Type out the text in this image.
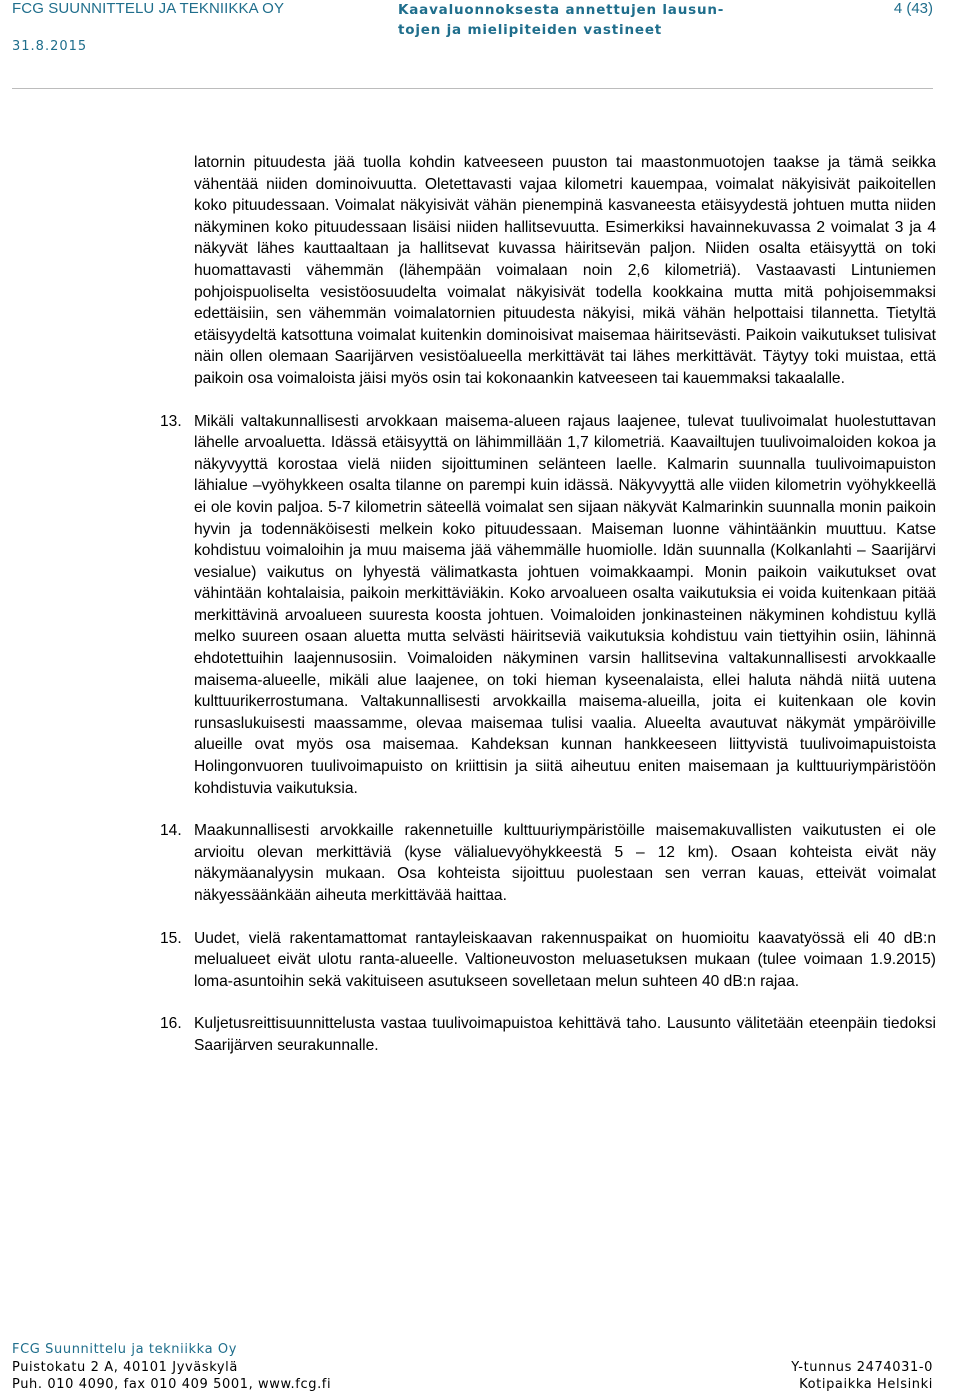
FCG SUUNNITTELU JA TEKNIIKKA OY
31.8.2015
Kaavaluonnoksesta annettujen lausun-
tojen ja mielipiteiden vastineet
4 (43)

latornin pituudesta jää tuolla kohdin katveeseen puuston tai maastonmuotojen taakse ja tämä seikka vähentää niiden dominoivuutta. Oletettavasti vajaa kilometri kauempaa, voimalat näkyisivät paikoitellen koko pituudessaan. Voimalat näkyisivät vähän pienempinä kasvaneesta etäisyydestä johtuen mutta niiden näkyminen koko pituudessaan lisäisi niiden hallitsevuutta. Esimerkiksi havainnekuvassa 2 voimalat 3 ja 4 näkyvät lähes kauttaaltaan ja hallitsevat kuvassa häiritsevän paljon. Niiden osalta etäisyyttä on toki huomattavasti vähemmän (lähempään voimalaan noin 2,6 kilometriä). Vastaavasti Lintuniemen pohjoispuoliselta vesistöosuudelta voimalat näkyisivät todella kookkaina mutta mitä pohjoisemmaksi edettäisiin, sen vähemmän voimalatornien pituudesta näkyisi, mikä vähän helpottaisi tilannetta. Tietyltä etäisyydeltä katsottuna voimalat kuitenkin dominoisivat maisemaa häiritsevästi. Paikoin vaikutukset tulisivat näin ollen olemaan Saarijärven vesistöalueella merkittävät tai lähes merkittävät. Täytyy toki muistaa, että paikoin osa voimaloista jäisi myös osin tai kokonaankin katveeseen tai kauemmaksi takaalalle.

13. Mikäli valtakunnallisesti arvokkaan maisema-alueen rajaus laajenee, tulevat tuulivoimalat huolestuttavan lähelle arvoaluetta. Idässä etäisyyttä on lähimmillään 1,7 kilometriä. Kaavailtujen tuulivoimaloiden kokoa ja näkyvyyttä korostaa vielä niiden sijoittuminen selänteen laelle. Kalmarin suunnalla tuulivoimapuiston lähialue –vyöhykkeen osalta tilanne on parempi kuin idässä. Näkyvyyttä alle viiden kilometrin vyöhykkeellä ei ole kovin paljoa. 5-7 kilometrin säteellä voimalat sen sijaan näkyvät Kalmarinkin suunnalla monin paikoin hyvin ja todennäköisesti melkein koko pituudessaan. Maiseman luonne vähintäänkin muuttuu. Katse kohdistuu voimaloihin ja muu maisema jää vähemmälle huomiolle. Idän suunnalla (Kolkanlahti – Saarijärvi vesialue) vaikutus on lyhyestä välimatkasta johtuen voimakkaampi. Monin paikoin vaikutukset ovat vähintään kohtalaisia, paikoin merkittäviäkin. Koko arvoalueen osalta vaikutuksia ei voida kuitenkaan pitää merkittävinä arvoalueen suuresta koosta johtuen. Voimaloiden jonkinasteinen näkyminen kohdistuu kyllä melko suureen osaan aluetta mutta selvästi häiritseviä vaikutuksia kohdistuu vain tiettyihin osiin, lähinnä ehdotettuihin laajennusosiin. Voimaloiden näkyminen varsin hallitsevina valtakunnallisesti arvokkaalle maisema-alueelle, mikäli alue laajenee, on toki hieman kyseenalaista, ellei haluta nähdä niitä uutena kulttuurikerrostumana. Valtakunnallisesti arvokkailla maisema-alueilla, joita ei kuitenkaan ole kovin runsaslukuisesti maassamme, olevaa maisemaa tulisi vaalia. Alueelta avautuvat näkymät ympäröiville alueille ovat myös osa maisemaa. Kahdeksan kunnan hankkeeseen liittyvistä tuulivoimapuistoista Holingonvuoren tuulivoimapuisto on kriittisin ja siitä aiheutuu eniten maisemaan ja kulttuuriympäristöön kohdistuvia vaikutuksia.

14. Maakunnallisesti arvokkaille rakennetuille kulttuuriympäristöille maisemakuvallisten vaikutusten ei ole arvioitu olevan merkittäviä (kyse välialuevyöhykkeestä 5 – 12 km). Osaan kohteista eivät näy näkymäanalyysin mukaan. Osa kohteista sijoittuu puolestaan sen verran kauas, etteivät voimalat näkyessäänkään aiheuta merkittävää haittaa.

15. Uudet, vielä rakentamattomat rantayleiskaavan rakennuspaikat on huomioitu kaavatyössä eli 40 dB:n melualueet eivät ulotu ranta-alueelle. Valtioneuvoston meluasetuksen mukaan (tulee voimaan 1.9.2015) loma-asuntoihin sekä vakituiseen asutukseen sovelletaan melun suhteen 40 dB:n rajaa.

16. Kuljetusreittisuunnittelusta vastaa tuulivoimapuistoa kehittävä taho. Lausunto välitetään eteenpäin tiedoksi Saarijärven seurakunnalle.

FCG Suunnittelu ja tekniikka Oy
Puistokatu 2 A, 40101 Jyväskylä	Y-tunnus 2474031-0
Puh. 010 4090, fax 010 409 5001, www.fcg.fi	Kotipaikka Helsinki
